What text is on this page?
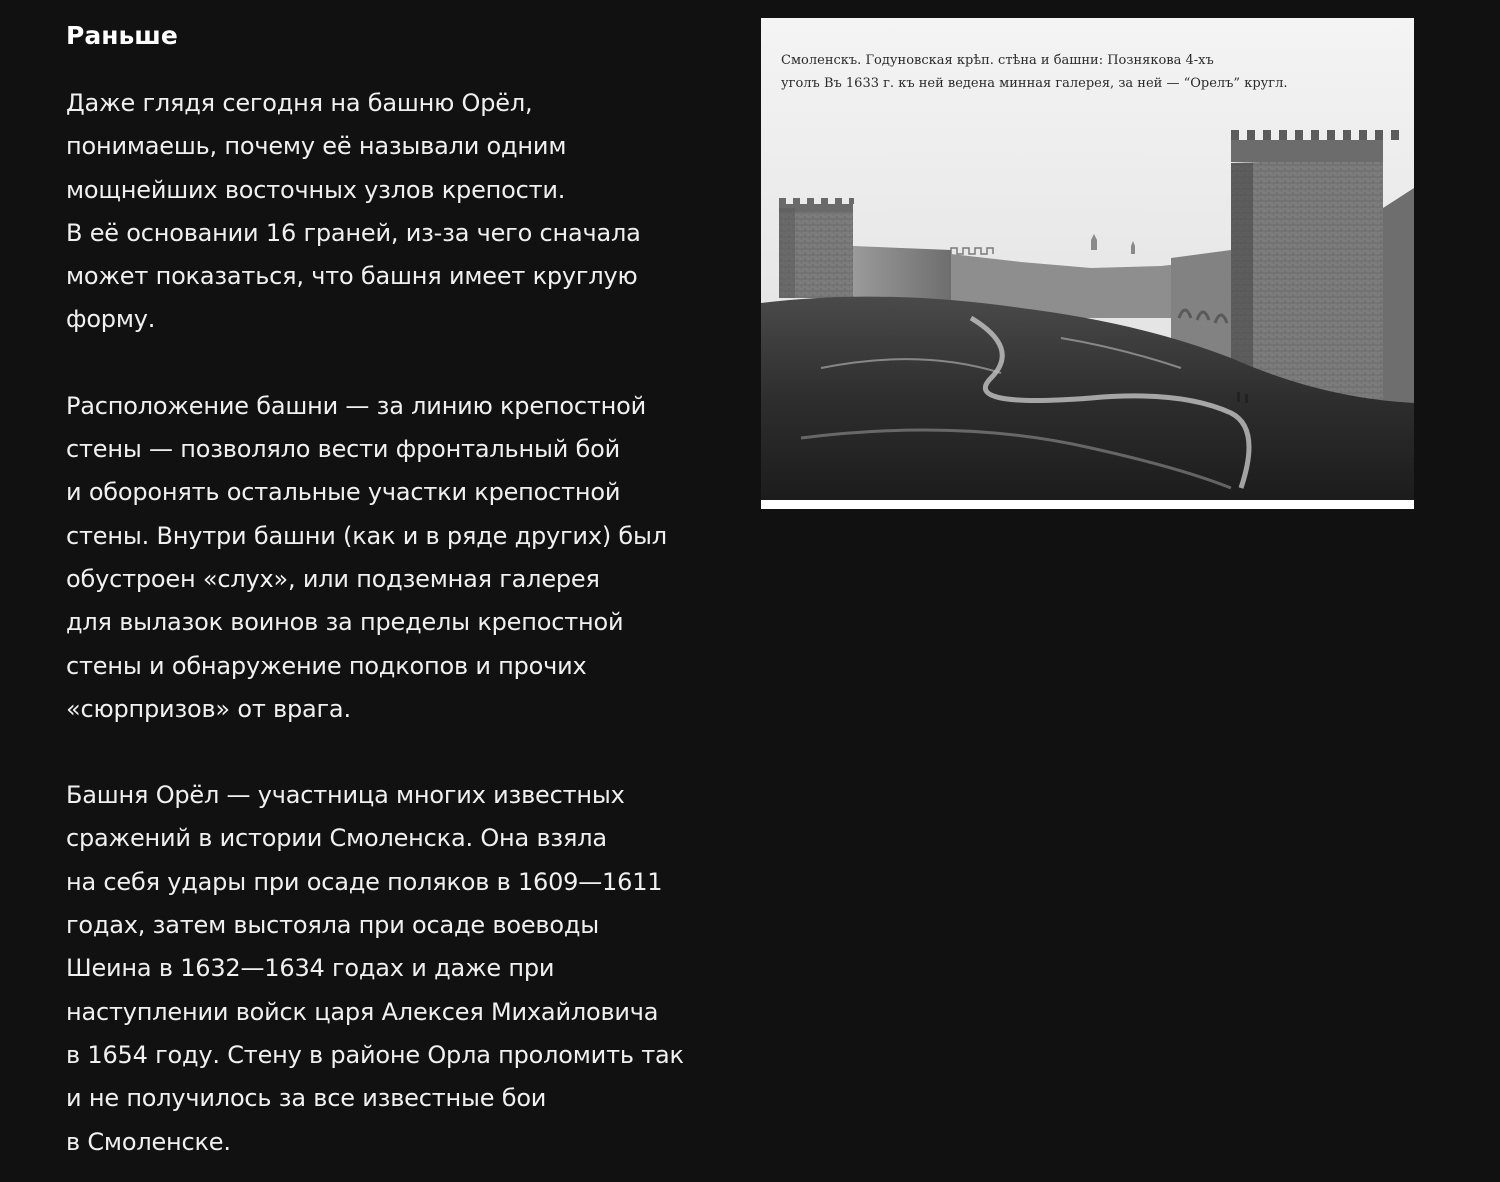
Раньше

Даже глядя сегодня на башню Орёл,
понимаешь, почему её называли одним
мощнейших восточных узлов крепости.
В её основании 16 граней, из-за чего сначала
может показаться, что башня имеет круглую
форму.

Расположение башни — за линию крепостной
стены — позволяло вести фронтальный бой
и оборонять остальные участки крепостной
стены. Внутри башни (как и в ряде других) был
обустроен «слух», или подземная галерея
для вылазок воинов за пределы крепостной
стены и обнаружение подкопов и прочих
«сюрпризов» от врага.

Башня Орёл — участница многих известных
сражений в истории Смоленска. Она взяла
на себя удары при осаде поляков в 1609—1611
годах, затем выстояла при осаде воеводы
Шеина в 1632—1634 годах и даже при
наступлении войск царя Алексея Михайловича
в 1654 году. Стену в районе Орла проломить так
и не получилось за все известные бои
в Смоленске.

Смоленскъ. Годуновская крѣп. стѣна и башни: Познякова 4-хъ
уголъ Въ 1633 г. къ ней ведена минная галерея, за ней — “Орелъ” кругл.
